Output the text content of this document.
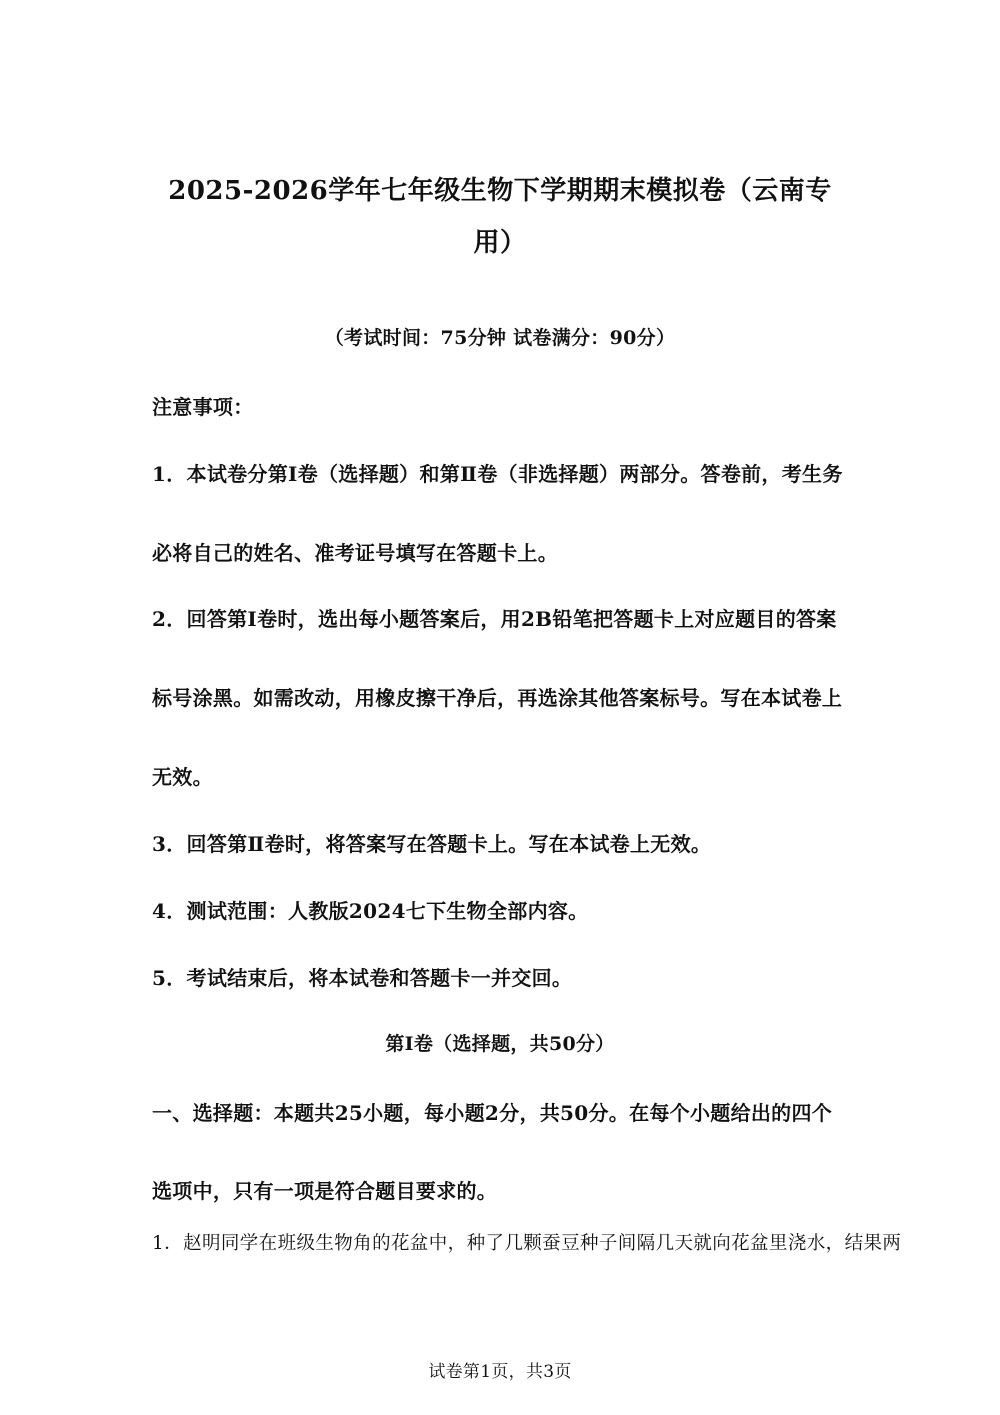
2025-2026学年七年级生物下学期期末模拟卷（云南专
用）
（考试时间：75分钟 试卷满分：90分）
注意事项：
1．本试卷分第Ⅰ卷（选择题）和第Ⅱ卷（非选择题）两部分。答卷前，考生务
必将自己的姓名、准考证号填写在答题卡上。
2．回答第Ⅰ卷时，选出每小题答案后，用2B铅笔把答题卡上对应题目的答案
标号涂黑。如需改动，用橡皮擦干净后，再选涂其他答案标号。写在本试卷上
无效。
3．回答第Ⅱ卷时，将答案写在答题卡上。写在本试卷上无效。
4．测试范围：人教版2024七下生物全部内容。
5．考试结束后，将本试卷和答题卡一并交回。
第Ⅰ卷（选择题，共50分）
一、选择题：本题共25小题，每小题2分，共50分。在每个小题给出的四个
选项中，只有一项是符合题目要求的。
1．赵明同学在班级生物角的花盆中，种了几颗蚕豆种子间隔几天就向花盆里浇水，结果两
试卷第1页，共3页
